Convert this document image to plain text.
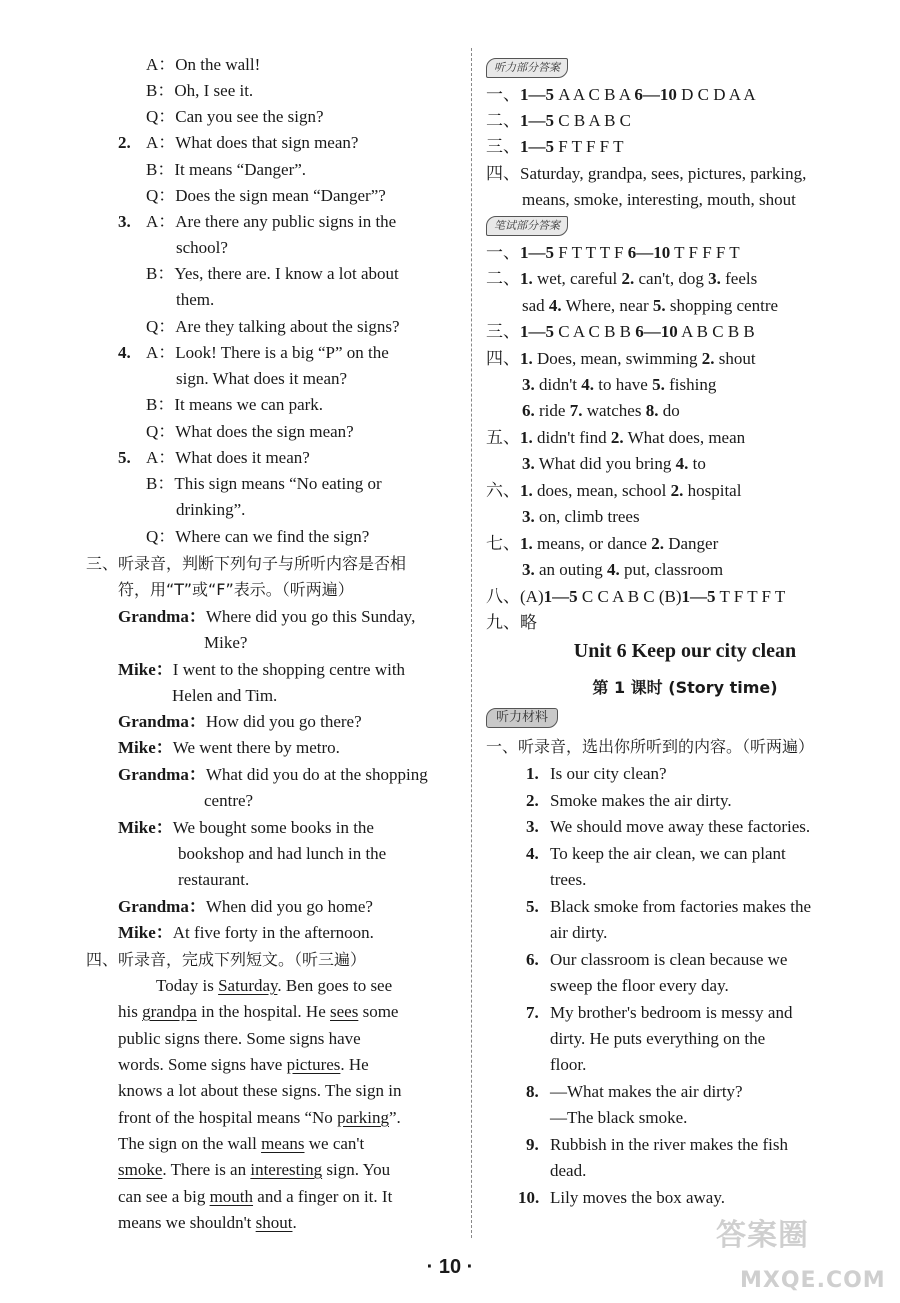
A：On the wall!
B：Oh, I see it.
Q：Can you see the sign?
2. A：What does that sign mean?
B：It means “Danger”.
Q：Does the sign mean “Danger”?
3. A：Are there any public signs in the
school?
B：Yes, there are. I know a lot about
them.
Q：Are they talking about the signs?
4. A：Look! There is a big “P” on the
sign. What does it mean?
B：It means we can park.
Q：What does the sign mean?
5. A：What does it mean?
B：This sign means “No eating or
drinking”.
Q：Where can we find the sign?
三、听录音，判断下列句子与所听内容是否相
符，用“T”或“F”表示。（听两遍）
Grandma：Where did you go this Sunday,
Mike?
Mike：I went to the shopping centre with
Helen and Tim.
Grandma：How did you go there?
Mike：We went there by metro.
Grandma：What did you do at the shopping
centre?
Mike：We bought some books in the
bookshop and had lunch in the
restaurant.
Grandma：When did you go home?
Mike：At five forty in the afternoon.
四、听录音，完成下列短文。（听三遍）
Today is Saturday. Ben goes to see
his grandpa in the hospital. He sees some
public signs there. Some signs have
words. Some signs have pictures. He
knows a lot about these signs. The sign in
front of the hospital means “No parking”.
The sign on the wall means we can't
smoke. There is an interesting sign. You
can see a big mouth and a finger on it. It
means we shouldn't shout.
听力部分答案
一、1—5 A A C B A 6—10 D C D A A
二、1—5 C B A B C
三、1—5 F T F F T
四、Saturday, grandpa, sees, pictures, parking,
means, smoke, interesting, mouth, shout
笔试部分答案
一、1—5 F T T T F 6—10 T F F F T
二、1. wet, careful 2. can't, dog 3. feels
sad 4. Where, near 5. shopping centre
三、1—5 C A C B B 6—10 A B C B B
四、1. Does, mean, swimming 2. shout
3. didn't 4. to have 5. fishing
6. ride 7. watches 8. do
五、1. didn't find 2. What does, mean
3. What did you bring 4. to
六、1. does, mean, school 2. hospital
3. on, climb trees
七、1. means, or dance 2. Danger
3. an outing 4. put, classroom
八、(A)1—5 C C A B C (B)1—5 T F T F T
九、略
Unit 6 Keep our city clean
第 1 课时 (Story time)
听力材料
一、听录音，选出你所听到的内容。（听两遍）
1. Is our city clean?
2. Smoke makes the air dirty.
3. We should move away these factories.
4. To keep the air clean, we can plant
trees.
5. Black smoke from factories makes the
air dirty.
6. Our classroom is clean because we
sweep the floor every day.
7. My brother's bedroom is messy and
dirty. He puts everything on the
floor.
8. —What makes the air dirty?
—The black smoke.
9. Rubbish in the river makes the fish
dead.
10. Lily moves the box away.
· 10 ·
答案圈
MXQE.COM
